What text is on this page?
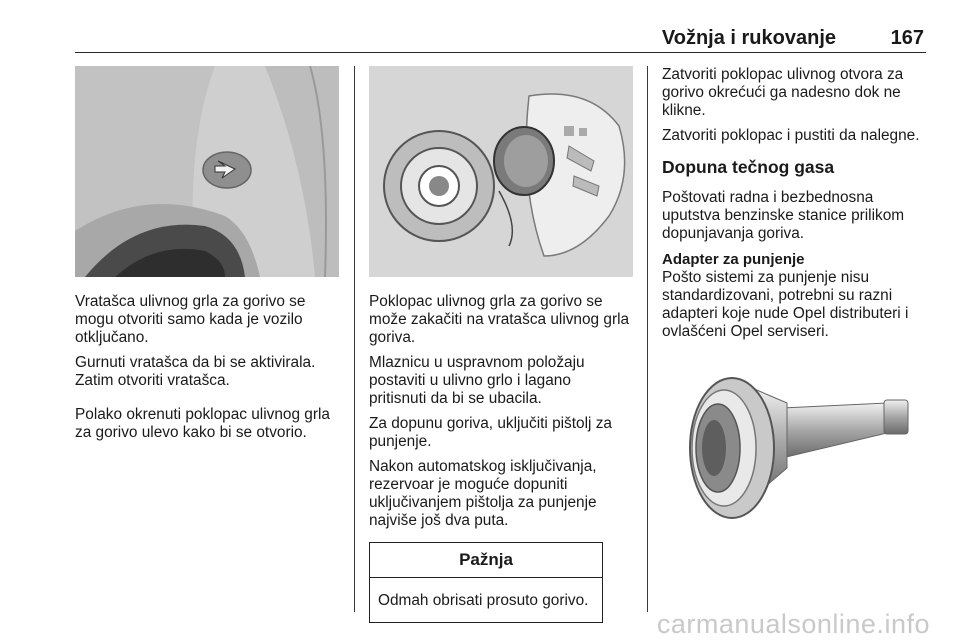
Vožnja i rukovanje	167

Vratašca ulivnog grla za gorivo se mogu otvoriti samo kada je vozilo otključano.

Gurnuti vratašca da bi se aktivirala. Zatim otvoriti vratašca.

Polako okrenuti poklopac ulivnog grla za gorivo ulevo kako bi se otvorio.

Poklopac ulivnog grla za gorivo se može zakačiti na vratašca ulivnog grla goriva.

Mlaznicu u uspravnom položaju postaviti u ulivno grlo i lagano pritisnuti da bi se ubacila.

Za dopunu goriva, uključiti pištolj za punjenje.

Nakon automatskog isključivanja, rezervoar je moguće dopuniti uključivanjem pištolja za punjenje najviše još dva puta.

Pažnja
Odmah obrisati prosuto gorivo.

Zatvoriti poklopac ulivnog otvora za gorivo okrećući ga nadesno dok ne klikne.

Zatvoriti poklopac i pustiti da nalegne.

Dopuna tečnog gasa

Poštovati radna i bezbednosna uputstva benzinske stanice prilikom dopunjavanja goriva.

Adapter za punjenje

Pošto sistemi za punjenje nisu standardizovani, potrebni su razni adapteri koje nude Opel distributeri i ovlašćeni Opel serviseri.

carmanualsonline.info
